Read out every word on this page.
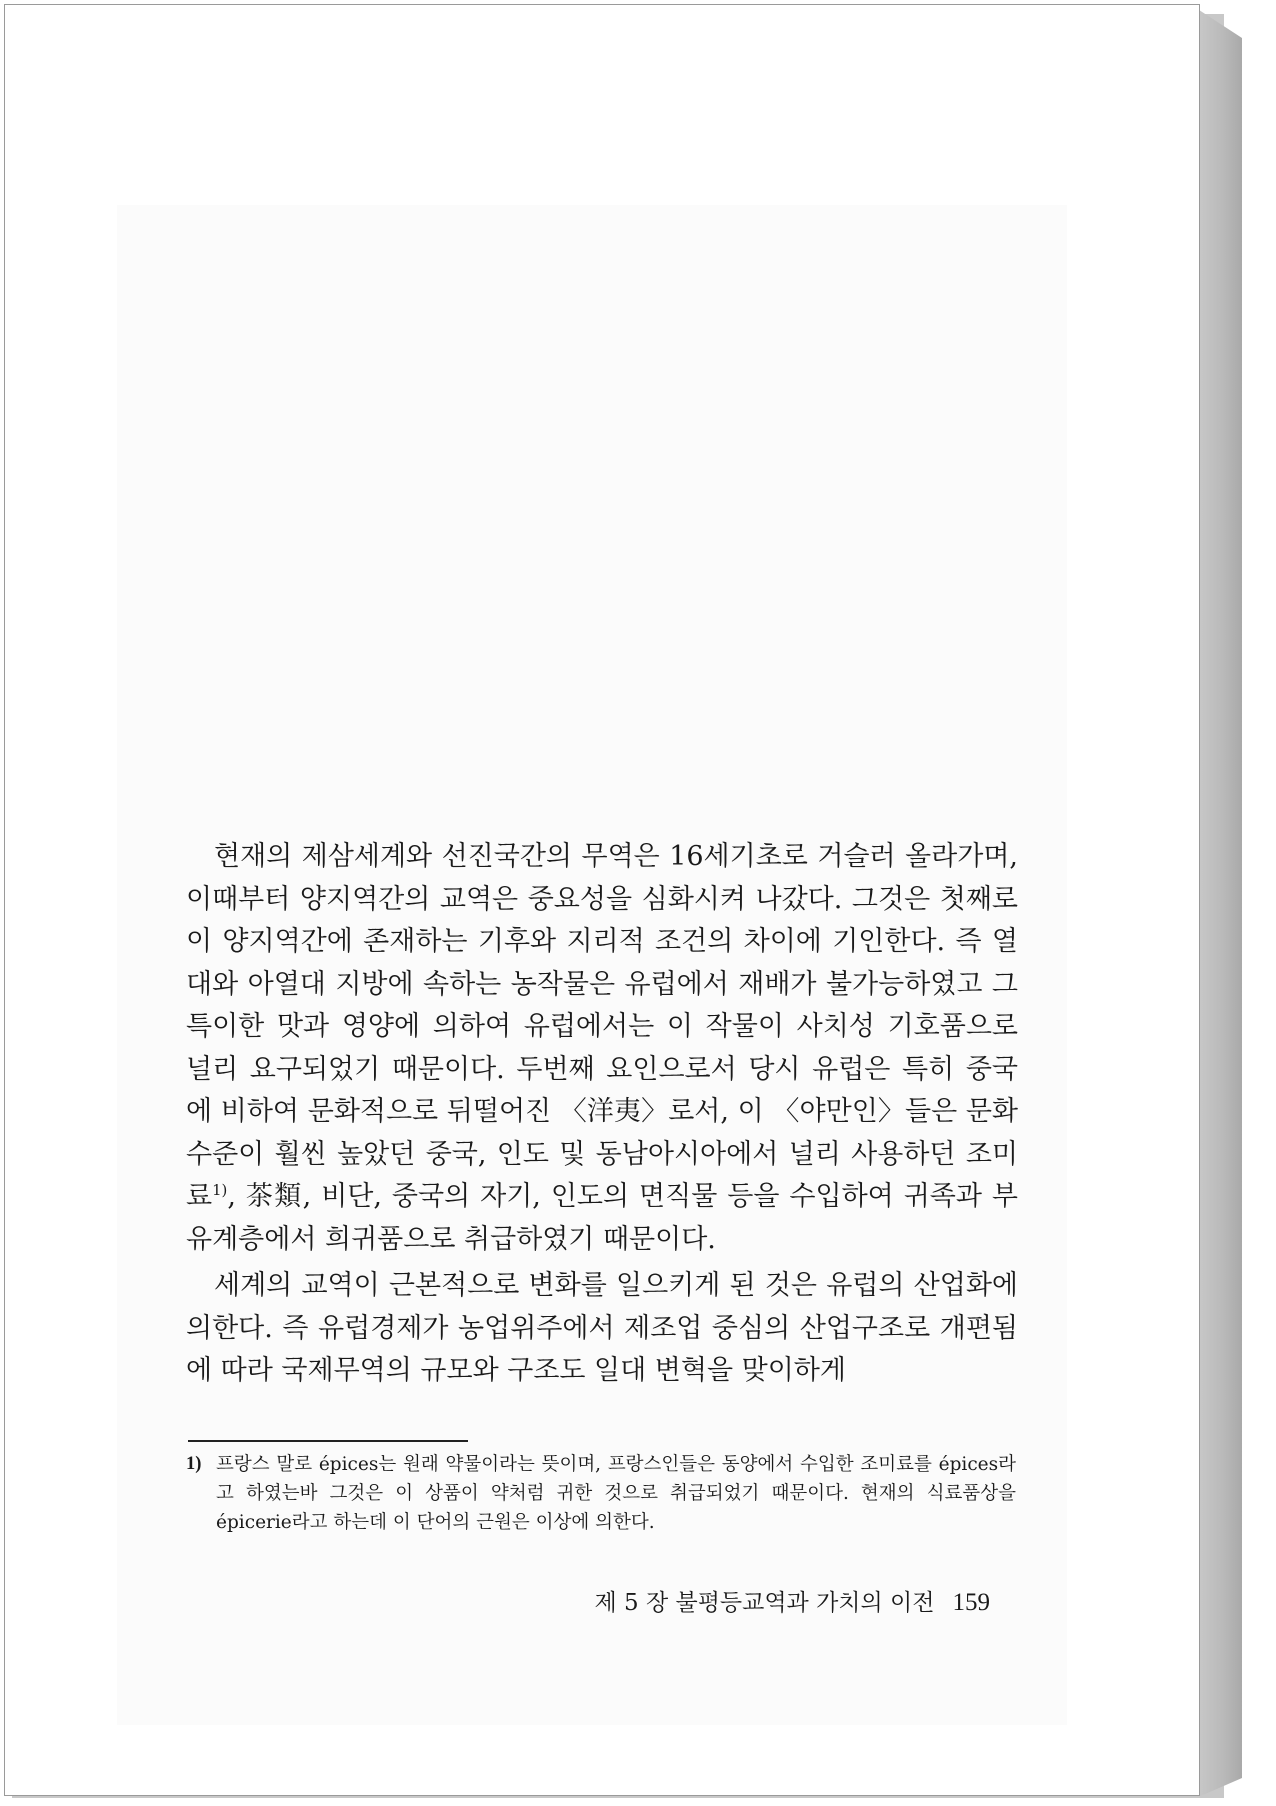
현재의 제삼세계와 선진국간의 무역은 16세기초로 거슬러 올라가며, 이때부터 양지역간의 교역은 중요성을 심화시켜 나갔다. 그것은 첫째로 이 양지역간에 존재하는 기후와 지리적 조건의 차이에 기인한다. 즉 열대와 아열대 지방에 속하는 농작물은 유럽에서 재배가 불가능하였고 그 특이한 맛과 영양에 의하여 유럽에서는 이 작물이 사치성 기호품으로 널리 요구되었기 때문이다. 두번째 요인으로서 당시 유럽은 특히 중국에 비하여 문화적으로 뒤떨어진 〈洋夷〉로서, 이 〈야만인〉들은 문화수준이 훨씬 높았던 중국, 인도 및 동남아시아에서 널리 사용하던 조미료$^{1)}$, 茶類, 비단, 중국의 자기, 인도의 면직물 등을 수입하여 귀족과 부유계층에서 희귀품으로 취급하였기 때문이다.

세계의 교역이 근본적으로 변화를 일으키게 된 것은 유럽의 산업화에 의한다. 즉 유럽경제가 농업위주에서 제조업 중심의 산업구조로 개편됨에 따라 국제무역의 규모와 구조도 일대 변혁을 맞이하게

1) 프랑스 말로 épices는 원래 약물이라는 뜻이며, 프랑스인들은 동양에서 수입한 조미료를 épices라고 하였는바 그것은 이 상품이 약처럼 귀한 것으로 취급되었기 때문이다. 현재의 식료품상을 épicerie라고 하는데 이 단어의 근원은 이상에 의한다.
제 5 장 불평등교역과 가치의 이전 159
